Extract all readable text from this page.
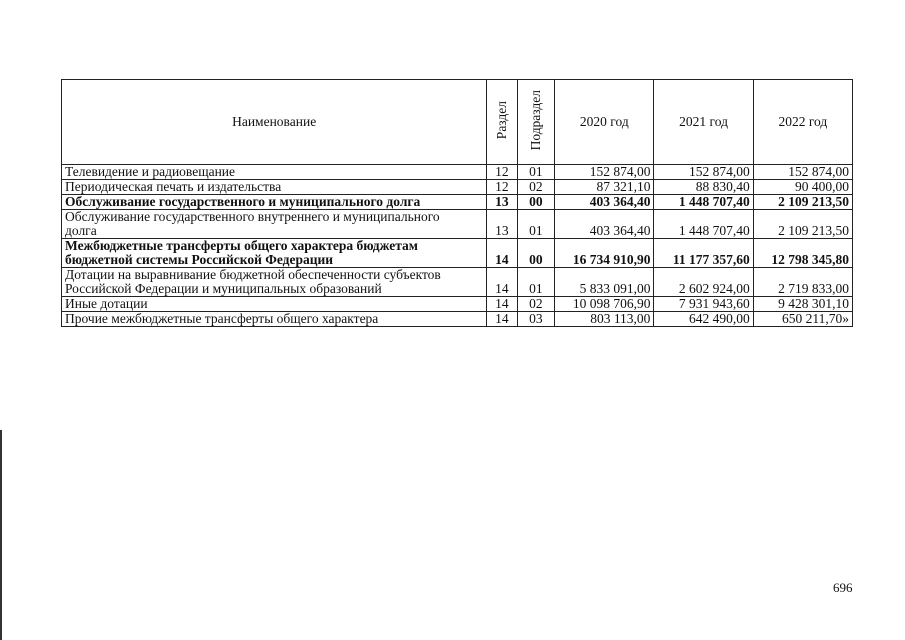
Наименование	Раздел	Подраздел	2020 год	2021 год	2022 год
Телевидение и радиовещание	12	01	152 874,00	152 874,00	152 874,00
Периодическая печать и издательства	12	02	87 321,10	88 830,40	90 400,00
Обслуживание государственного и муниципального долга	13	00	403 364,40	1 448 707,40	2 109 213,50

Обслуживание государственного внутреннего и муниципального
долга	13	01	403 364,40	1 448 707,40	2 109 213,50

Межбюджетные трансферты общего характера бюджетам
бюджетной системы Российской Федерации	14	00	16 734 910,90	11 177 357,60	12 798 345,80

Дотации на выравнивание бюджетной обеспеченности субъектов
Российской Федерации и муниципальных образований	14	01	5 833 091,00	2 602 924,00	2 719 833,00
Иные дотации	14	02	10 098 706,90	7 931 943,60	9 428 301,10
Прочие межбюджетные трансферты общего характера	14	03	803 113,00	642 490,00	650 211,70»
696
